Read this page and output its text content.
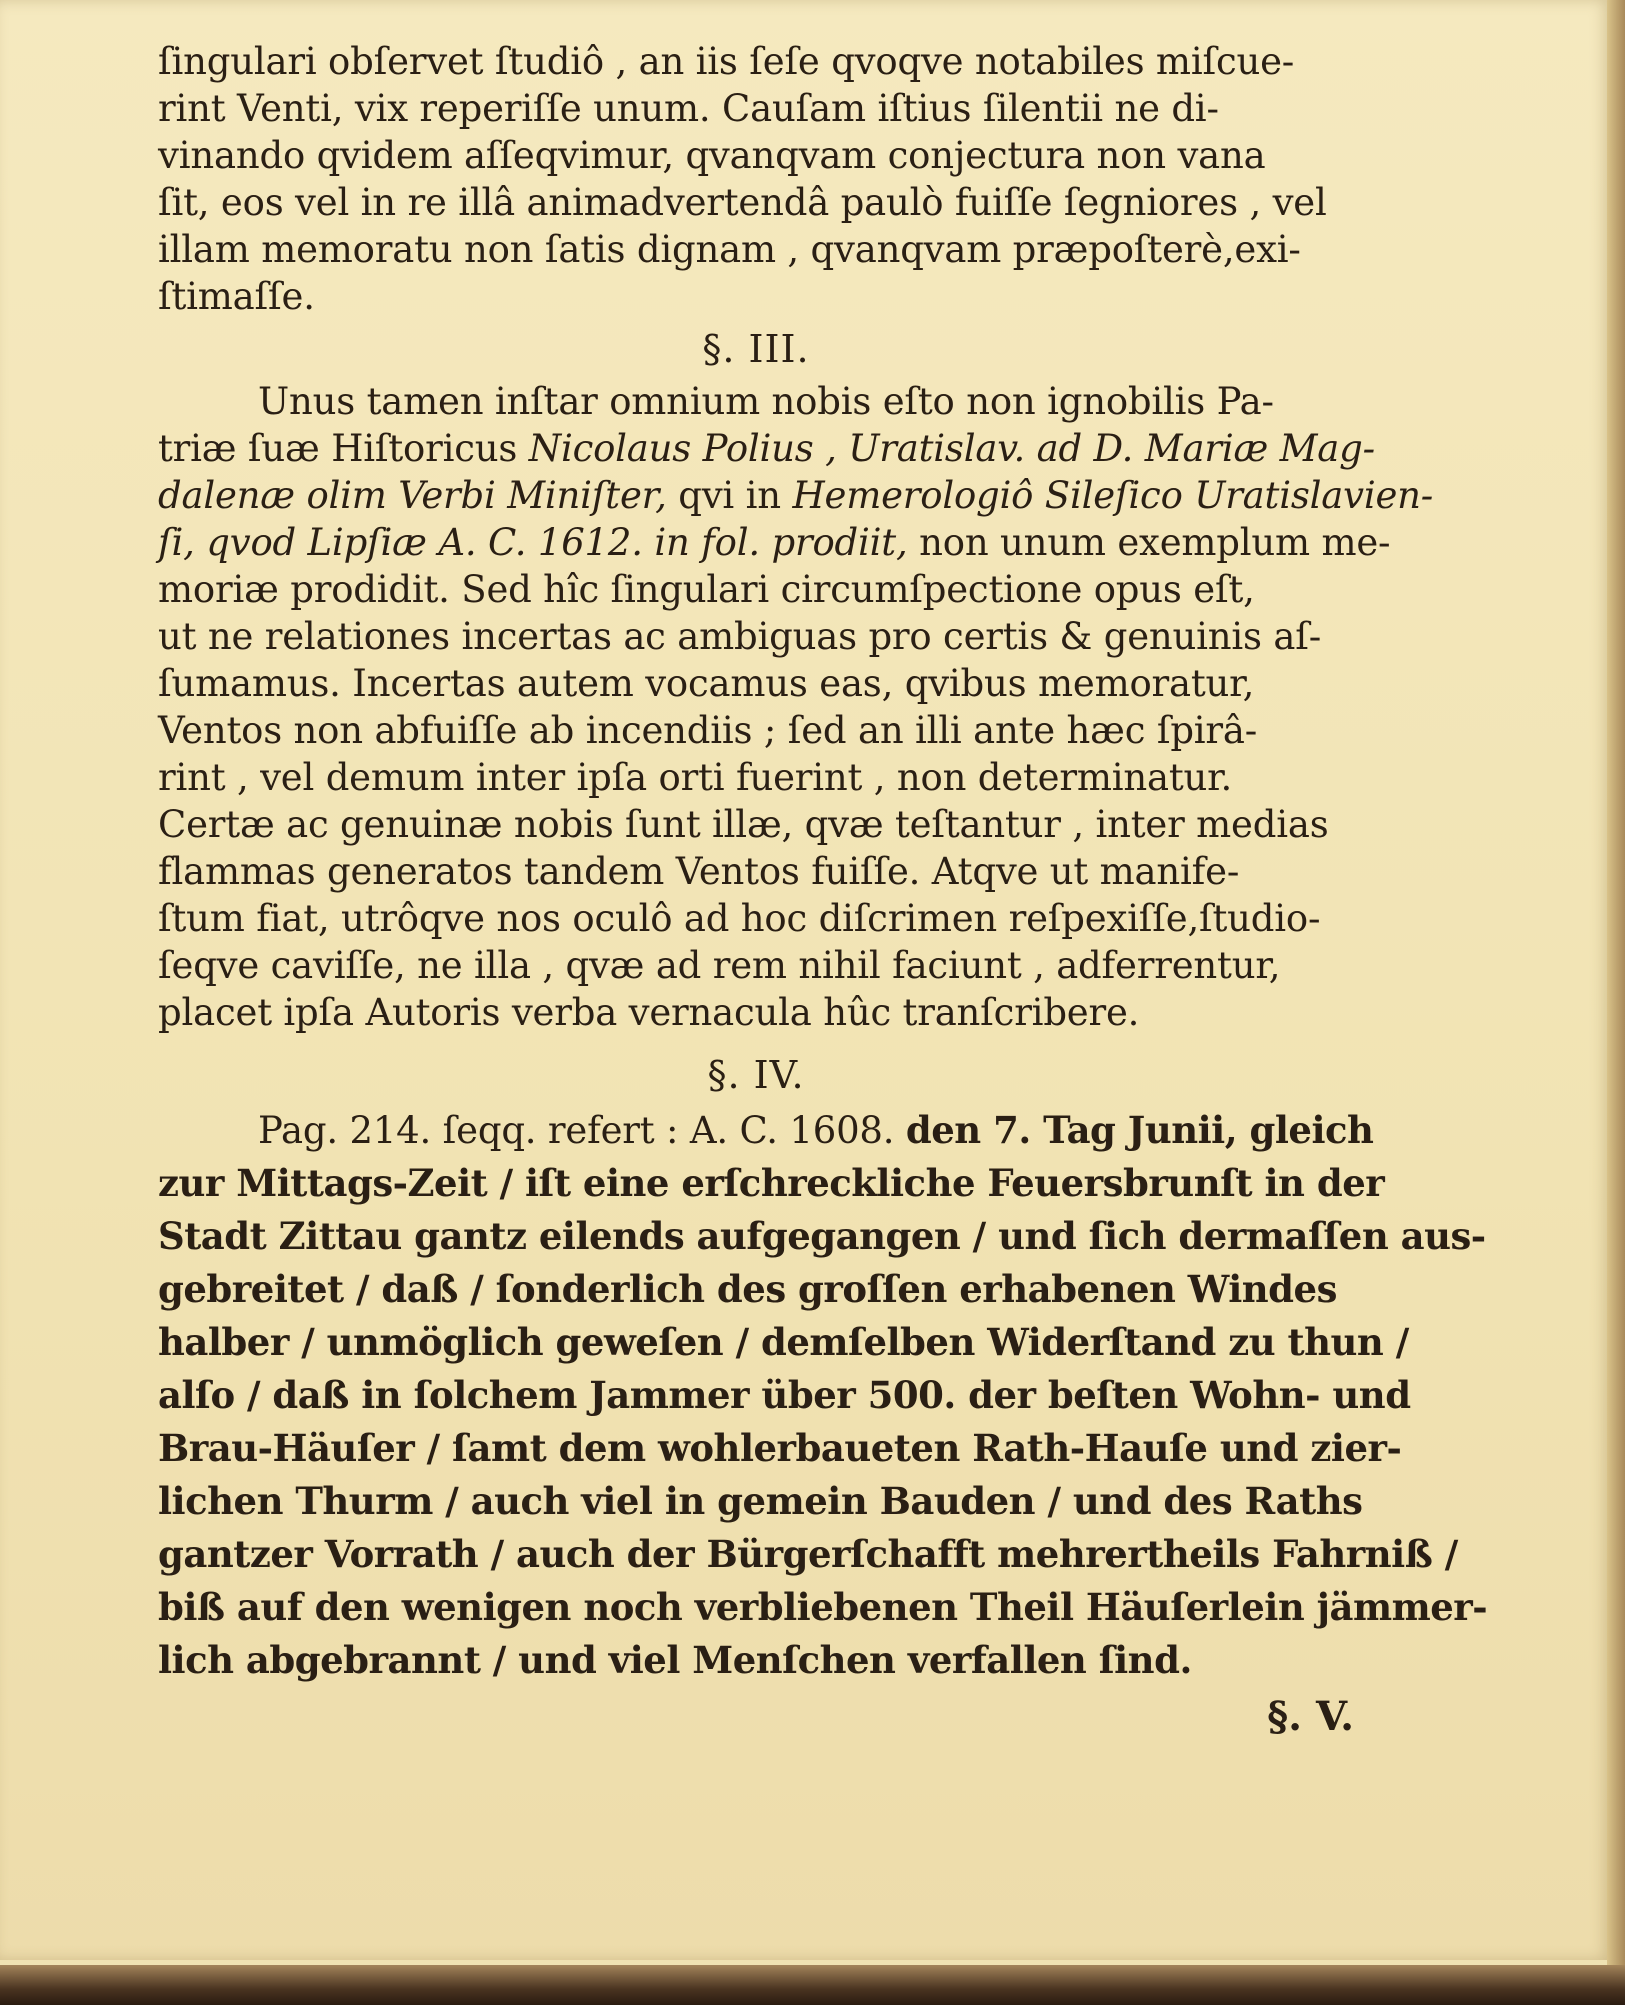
ſingulari obſervet ſtudiô , an iis ſeſe qvoqve notabiles miſcue-
rint Venti, vix reperiſſe unum. Cauſam iſtius ſilentii ne di-
vinando qvidem aſſeqvimur, qvanqvam conjectura non vana
ſit, eos vel in re illâ animadvertendâ paulò fuiſſe ſegniores , vel
illam memoratu non ſatis dignam , qvanqvam præpoſterè,exi-
ſtimaſſe.
§. III.
Unus tamen inſtar omnium nobis eſto non ignobilis Pa-
triæ ſuæ Hiſtoricus Nicolaus Polius , Uratislav. ad D. Mariæ Mag-
dalenæ olim Verbi Miniſter, qvi in Hemerologiô Sileſico Uratislavien-
ſi, qvod Lipſiæ A. C. 1612. in fol. prodiit, non unum exemplum me-
moriæ prodidit. Sed hîc ſingulari circumſpectione opus eſt,
ut ne relationes incertas ac ambiguas pro certis & genuinis aſ-
ſumamus. Incertas autem vocamus eas, qvibus memoratur,
Ventos non abfuiſſe ab incendiis ; ſed an illi ante hæc ſpirâ-
rint , vel demum inter ipſa orti fuerint , non determinatur.
Certæ ac genuinæ nobis ſunt illæ, qvæ teſtantur , inter medias
flammas generatos tandem Ventos fuiſſe. Atqve ut manife-
ſtum fiat, utrôqve nos oculô ad hoc diſcrimen reſpexiſſe,ſtudio-
ſeqve caviſſe, ne illa , qvæ ad rem nihil faciunt , adferrentur,
placet ipſa Autoris verba vernacula hûc tranſcribere.
§. IV.
Pag. 214. ſeqq. refert : A. C. 1608. den 7. Tag Junii, gleich
zur Mittags-Zeit / iſt eine erſchreckliche Feuersbrunſt in der
Stadt Zittau gantz eilends aufgegangen / und ſich dermaſſen aus-
gebreitet / daß / ſonderlich des groſſen erhabenen Windes
halber / unmöglich geweſen / demſelben Widerſtand zu thun /
alſo / daß in ſolchem Jammer über 500. der beſten Wohn- und
Brau-Häuſer / ſamt dem wohlerbaueten Rath-Hauſe und zier-
lichen Thurm / auch viel in gemein Bauden / und des Raths
gantzer Vorrath / auch der Bürgerſchafft mehrertheils Fahrniß /
biß auf den wenigen noch verbliebenen Theil Häuſerlein jämmer-
lich abgebrannt / und viel Menſchen verfallen ſind.
§. V.
